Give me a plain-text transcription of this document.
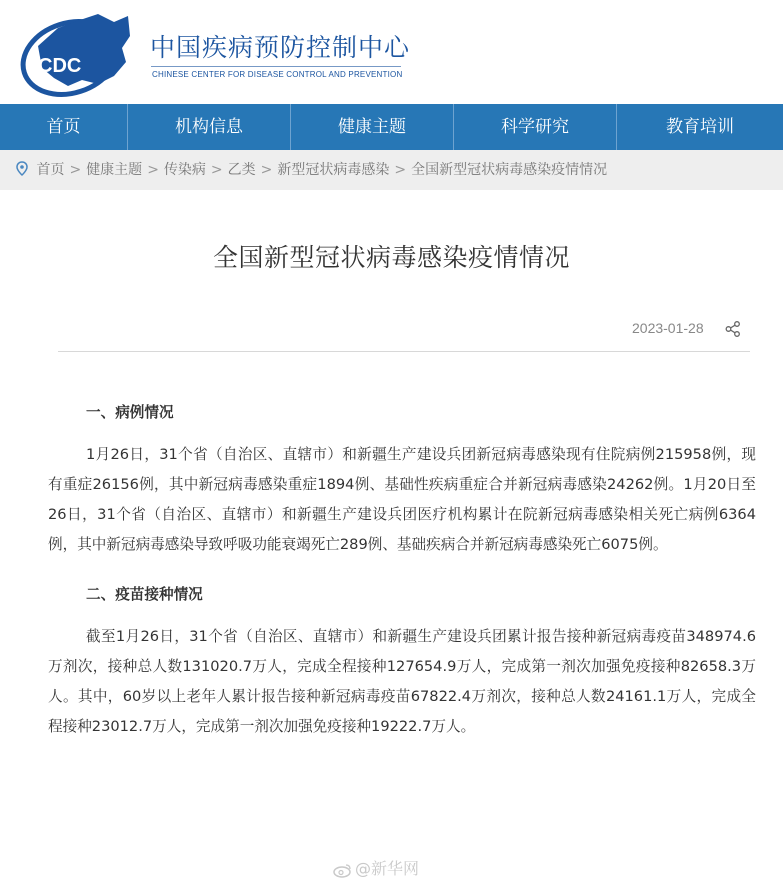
CDC
中国疾病预防控制中心
CHINESE CENTER FOR DISEASE CONTROL AND PREVENTION
首页	机构信息	健康主题	科学研究	教育培训
首页 > 健康主题 > 传染病 > 乙类 > 新型冠状病毒感染 > 全国新型冠状病毒感染疫情情况
全国新型冠状病毒感染疫情情况
2023-01-28
一、病例情况

1月26日，31个省（自治区、直辖市）和新疆生产建设兵团新冠病毒感染现有住院病例215958例，现有重症26156例，其中新冠病毒感染重症1894例、基础性疾病重症合并新冠病毒感染24262例。1月20日至26日，31个省（自治区、直辖市）和新疆生产建设兵团医疗机构累计在院新冠病毒感染相关死亡病例6364例，其中新冠病毒感染导致呼吸功能衰竭死亡289例、基础疾病合并新冠病毒感染死亡6075例。

二、疫苗接种情况

截至1月26日，31个省（自治区、直辖市）和新疆生产建设兵团累计报告接种新冠病毒疫苗348974.6万剂次，接种总人数131020.7万人，完成全程接种127654.9万人，完成第一剂次加强免疫接种82658.3万人。其中，60岁以上老年人累计报告接种新冠病毒疫苗67822.4万剂次，接种总人数24161.1万人，完成全程接种23012.7万人，完成第一剂次加强免疫接种19222.7万人。

@新华网
